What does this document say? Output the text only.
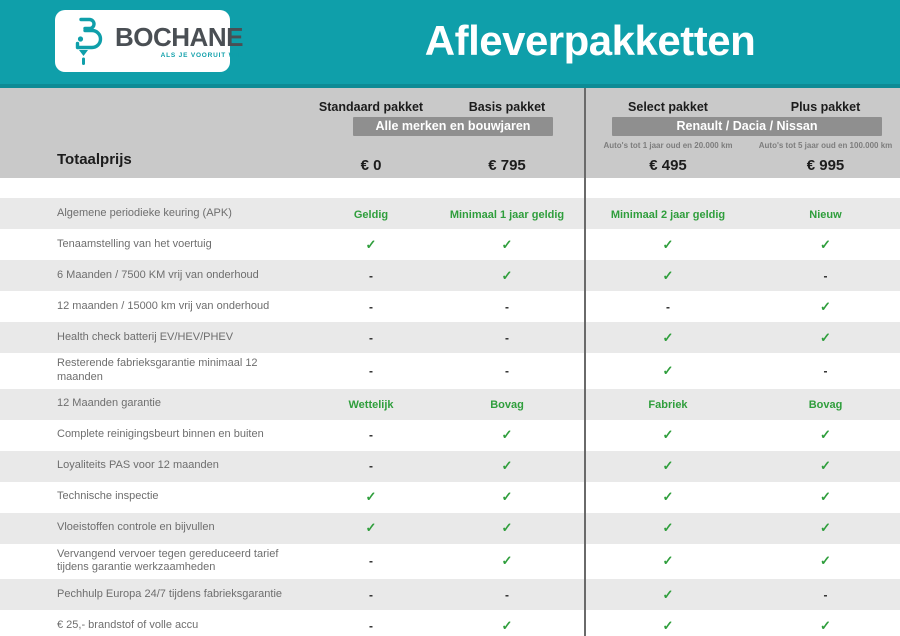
BOCHANE
ALS JE VOORUIT WIL	Afleverpakketten
Totaalprijs
Standaard pakket	Basis pakket	Select pakket	Plus pakket
Alle merken en bouwjaren	Renault / Dacia / Nissan
Auto's tot 1 jaar oud en 20.000 km	Auto's tot 5 jaar oud en 100.000 km
€ 0	€ 795	€ 495	€ 995
Algemene periodieke keuring (APK)	Geldig	Minimaal 1 jaar geldig	Minimaal 2 jaar geldig	Nieuw
Tenaamstelling van het voertuig	✓	✓	✓	✓
6 Maanden / 7500 KM vrij van onderhoud	-	✓	✓	-
12 maanden / 15000 km vrij van onderhoud	-	-	-	✓
Health check batterij EV/HEV/PHEV	-	-	✓	✓
Resterende fabrieksgarantie minimaal 12 maanden	-	-	✓	-
12 Maanden garantie	Wettelijk	Bovag	Fabriek	Bovag
Complete reinigingsbeurt binnen en buiten	-	✓	✓	✓
Loyaliteits PAS voor 12 maanden	-	✓	✓	✓
Technische inspectie	✓	✓	✓	✓
Vloeistoffen controle en bijvullen	✓	✓	✓	✓
Vervangend vervoer tegen gereduceerd tarief tijdens garantie werkzaamheden	-	✓	✓	✓
Pechhulp Europa 24/7 tijdens fabrieksgarantie	-	-	✓	-
€ 25,- brandstof of volle accu	-	✓	✓	✓
